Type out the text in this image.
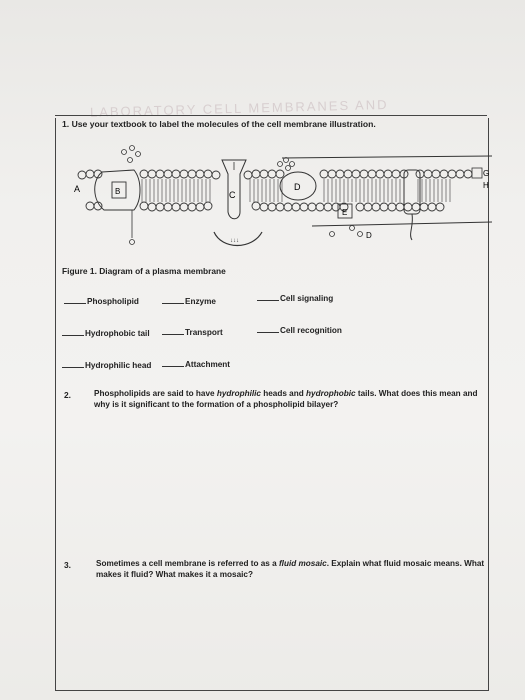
LABORATORY CELL MEMBRANES AND
1. Use your textbook to label the molecules of the cell membrane illustration.
A	B	C
↓↓↓
D
E
D
G
H
Figure 1. Diagram of a plasma membrane
Phospholipid	Enzyme	Cell signaling
Hydrophobic tail	Transport	Cell recognition
Hydrophilic head	Attachment
2.	Phospholipids are said to have hydrophilic heads and hydrophobic tails. What does this mean and why is it significant to the formation of a phospholipid bilayer?
3.	Sometimes a cell membrane is referred to as a fluid mosaic. Explain what fluid mosaic means. What makes it fluid? What makes it a mosaic?
